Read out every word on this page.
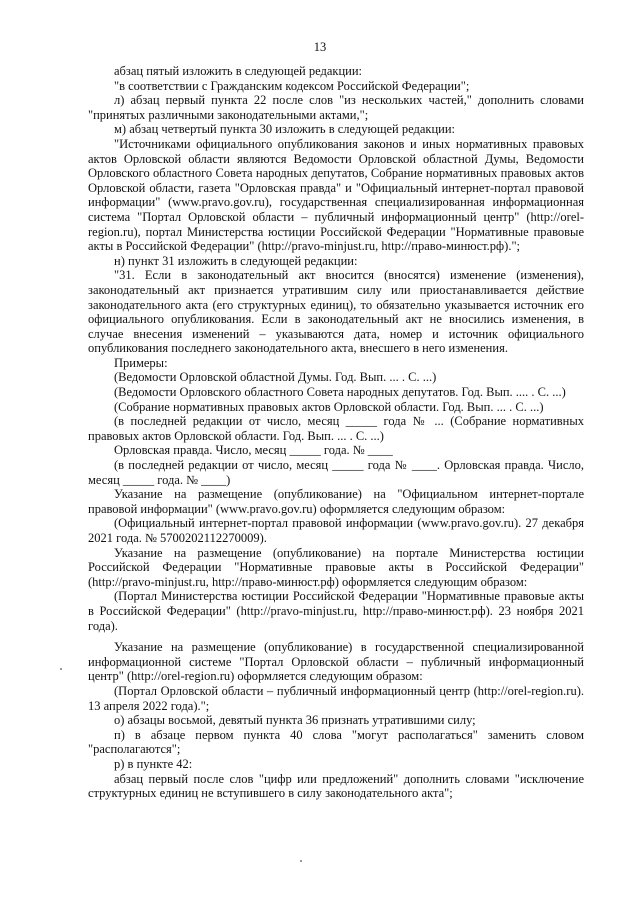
13

абзац пятый изложить в следующей редакции:

"в соответствии с Гражданским кодексом Российской Федерации";

л) абзац первый пункта 22 после слов "из нескольких частей," дополнить словами "принятых различными законодательными актами,";

м) абзац четвертый пункта 30 изложить в следующей редакции:

"Источниками официального опубликования законов и иных нормативных правовых актов Орловской области являются Ведомости Орловской областной Думы, Ведомости Орловского областного Совета народных депутатов, Собрание нормативных правовых актов Орловской области, газета "Орловская правда" и "Официальный интернет-портал правовой информации" (www.pravo.gov.ru), государственная специализированная информационная система "Портал Орловской области – публичный информационный центр" (http://orel-region.ru), портал Министерства юстиции Российской Федерации "Нормативные правовые акты в Российской Федерации" (http://pravo-minjust.ru, http://право-минюст.рф).";

н) пункт 31 изложить в следующей редакции:

"31. Если в законодательный акт вносится (вносятся) изменение (изменения), законодательный акт признается утратившим силу или приостанавливается действие законодательного акта (его структурных единиц), то обязательно указывается источник его официального опубликования. Если в законодательный акт не вносились изменения, в случае внесения изменений – указываются дата, номер и источник официального опубликования последнего законодательного акта, внесшего в него изменения.

Примеры:

(Ведомости Орловской областной Думы. Год. Вып. ... . С. ...)

(Ведомости Орловского областного Совета народных депутатов. Год. Вып. .... . С. ...)

(Собрание нормативных правовых актов Орловской области. Год. Вып. ... . С. ...)

(в последней редакции от число, месяц _____ года № ... (Собрание нормативных правовых актов Орловской области. Год. Вып. ... . С. ...)

Орловская правда. Число, месяц _____ года. № ____

(в последней редакции от число, месяц _____ года № ____. Орловская правда. Число, месяц _____ года. № ____)

Указание на размещение (опубликование) на "Официальном интернет-портале правовой информации" (www.pravo.gov.ru) оформляется следующим образом:

(Официальный интернет-портал правовой информации (www.pravo.gov.ru). 27 декабря 2021 года. № 5700202112270009).

Указание на размещение (опубликование) на портале Министерства юстиции Российской Федерации "Нормативные правовые акты в Российской Федерации" (http://pravo-minjust.ru, http://право-минюст.рф) оформляется следующим образом:

(Портал Министерства юстиции Российской Федерации "Нормативные правовые акты в Российской Федерации" (http://pravo-minjust.ru, http://право-минюст.рф). 23 ноября 2021 года).

Указание на размещение (опубликование) в государственной специализированной информационной системе "Портал Орловской области – публичный информационный центр" (http://orel-region.ru) оформляется следующим образом:

(Портал Орловской области – публичный информационный центр (http://orel-region.ru). 13 апреля 2022 года).";

о) абзацы восьмой, девятый пункта 36 признать утратившими силу;

п) в абзаце первом пункта 40 слова "могут располагаться" заменить словом "располагаются";

р) в пункте 42:

абзац первый после слов "цифр или предложений" дополнить словами "исключение структурных единиц не вступившего в силу законодательного акта";
